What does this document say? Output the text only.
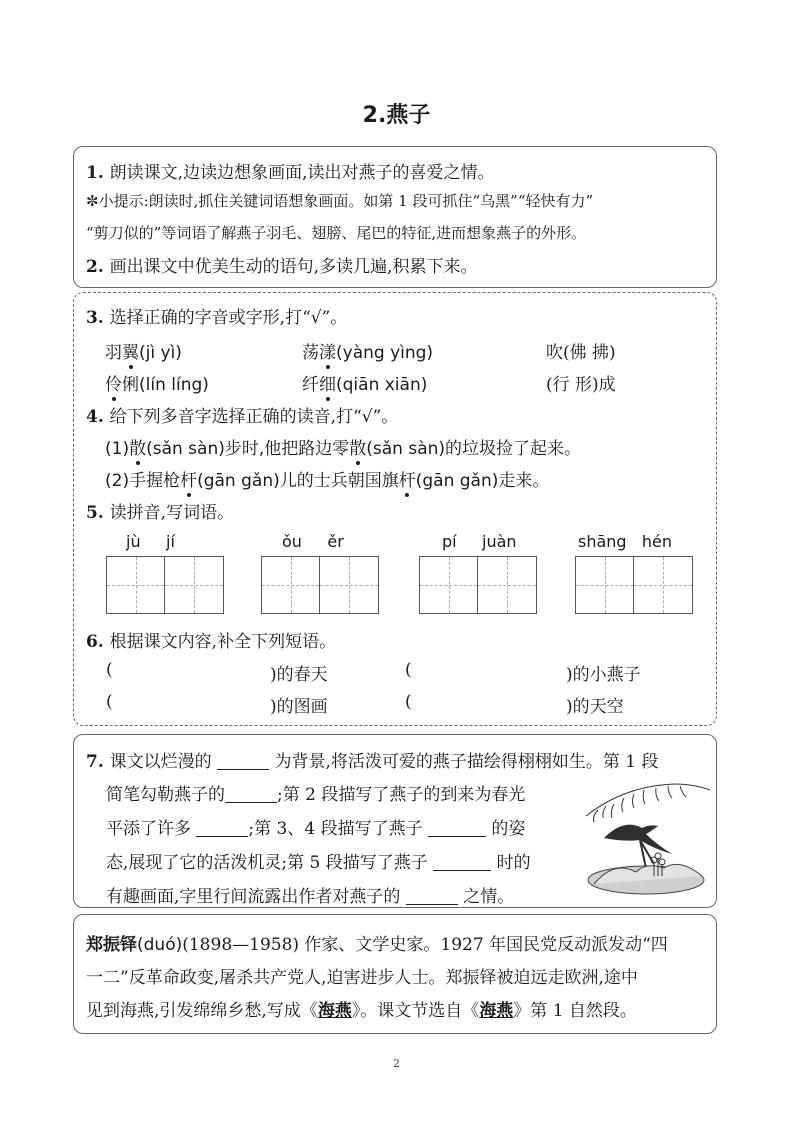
2.燕子
1. 朗读课文,边读边想象画面,读出对燕子的喜爱之情。
✼小提示:朗读时,抓住关键词语想象画面。如第 1 段可抓住“乌黑”“轻快有力”
“剪刀似的”等词语了解燕子羽毛、翅膀、尾巴的特征,进而想象燕子的外形。
2. 画出课文中优美生动的语句,多读几遍,积累下来。
3. 选择正确的字音或字形,打“√”。
羽翼(jì yì)	荡漾(yàng yìng)	吹(佛 拂)
伶俐(lín líng)	纤细(qiān xiān)	(行 形)成
4. 给下列多音字选择正确的读音,打“√”。
(1)散(sǎn sàn)步时,他把路边零散(sǎn sàn)的垃圾捡了起来。
(2)手握枪杆(gān gǎn)儿的士兵朝国旗杆(gān gǎn)走来。
5. 读拼音,写词语。
jù     jí	ǒu     ěr	pí     juàn	shāng   hén
6. 根据课文内容,补全下列短语。
(	)的春天	(	)的小燕子
(	)的图画	(	)的天空
7. 课文以烂漫的	为背景,将活泼可爱的燕子描绘得栩栩如生。第 1 段
简笔勾勒燕子的	;第 2 段描写了燕子的到来为春光
平添了许多	;第 3、4 段描写了燕子	的姿
态,展现了它的活泼机灵;第 5 段描写了燕子	时的
有趣画面,字里行间流露出作者对燕子的	之情。
郑振铎(duó)(1898—1958) 作家、文学史家。1927 年国民党反动派发动“四
一二”反革命政变,屠杀共产党人,迫害进步人士。郑振铎被迫远走欧洲,途中
见到海燕,引发绵绵乡愁,写成《海燕》。课文节选自《海燕》第 1 自然段。
2
